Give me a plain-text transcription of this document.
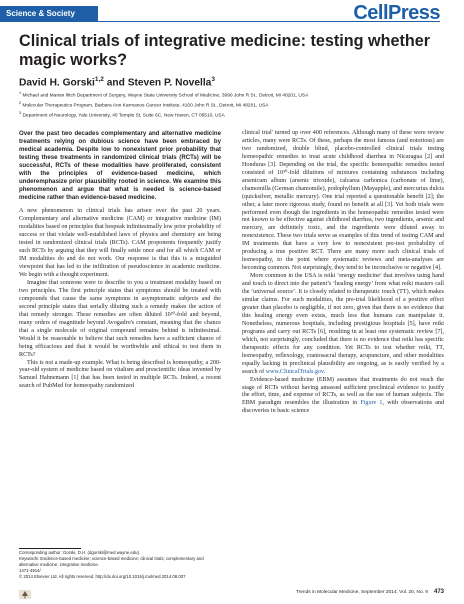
Science & Society	CellPress
Clinical trials of integrative medicine: testing whether magic works?
David H. Gorski$^{1,2}$ and Steven P. Novella$^3$
$^1$ Michael and Marian Ilitch Department of Surgery, Wayne State University School of Medicine, 3990 John R St., Detroit, MI 48201, USA
$^2$ Molecular Therapeutics Program, Barbara Ann Karmanos Cancer Institute, 4100 John R St., Detroit, MI 48201, USA
$^3$ Department of Neurology, Yale University, 40 Temple St, Suite 6C, New Haven, CT 06510, USA

Over the past two decades complementary and alternative medicine treatments relying on dubious science have been embraced by medical academia. Despite low to nonexistent prior probability that testing these treatments in randomized clinical trials (RCTs) will be successful, RCTs of these modalities have proliferated, consistent with the principles of evidence-based medicine, which underemphasize prior plausibility rooted in science. We examine this phenomenon and argue that what is needed is science-based medicine rather than evidence-based medicine.

A new phenomenon in clinical trials has arisen over the past 20 years. Complementary and alternative medicine (CAM) or integrative medicine (IM) modalities based on principles that bespeak infinitesimally low prior probability of success or that violate well-established laws of physics and chemistry are being tested in randomized clinical trials (RCTs). CAM proponents frequently justify such RCTs by arguing that they will finally settle once and for all which CAM or IM modalities do and do not work. Our response is that this is a misguided viewpoint that has led to the infiltration of pseudoscience in academic medicine. We begin with a thought experiment.

Imagine that someone were to describe to you a treatment modality based on two principles. The first principle states that symptoms should be treated with compounds that cause the same symptoms in asymptomatic subjects and the second principle states that serially diluting such a remedy makes the action of that remedy stronger. These remedies are often diluted 10²⁰-fold and beyond, many orders of magnitude beyond Avogadro's constant, meaning that the chance that a single molecule of original compound remains behind is infinitesimal. Would it be reasonable to believe that such remedies have a sufficient chance of being efficacious and that it would be worthwhile and ethical to test them in RCTs?

This is not a made-up example. What is being described is homeopathy, a 200-year-old system of medicine based on vitalism and prescientific ideas invented by Samuel Hahnemann [1] that has been tested in multiple RCTs. Indeed, a recent search of PubMed for homeopathy randomized

clinical trial' turned up over 400 references. Although many of these were review articles, many were RCTs. Of these, perhaps the most famous (and notorious) are two randomized, double blind, placebo-controlled clinical trials testing homeopathic remedies to treat acute childhood diarrhea in Nicaragua [2] and Honduras [3]. Depending on the trial, the specific homeopathic remedies tested consisted of 10³⁰-fold dilutions of mixtures containing substances including arsenicum album (arsenic trioxide), calcarea carbonica (carbonate of lime), chamomilla (German chamomile), podophyllum (Mayapple), and mercurius dulcis (quicksilver, metallic mercury). One trial reported a questionable benefit [2]; the other, a later more rigorous study, found no benefit at all [3]. Yet both trials were performed even though the ingredients in the homeopathic remedies tested were not known to be effective against childhood diarrhea, two ingredients, arsenic and mercury, are definitely toxic, and the ingredients were diluted away to nonexistence. These two trials serve as examples of this trend of testing CAM and IM treatments that have a very low to nonexistent pre-test probability of producing a true positive RCT. There are many more such clinical trials of homeopathy, to the point where systematic reviews and meta-analyses are becoming common. Not surprisingly, they tend to be inconclusive or negative [4].

More common in the USA is reiki ‘energy medicine’ that involves using hand and touch to direct into the patient’s ‘healing energy’ from what reiki masters call the ‘universal source’. It is closely related to therapeutic touch (TT), which makes similar claims. For such modalities, the pre-trial likelihood of a positive effect greater than placebo is negligible, if not zero, given that there is no evidence that this healing energy even exists, much less that humans can manipulate it. Nonetheless, numerous hospitals, including prestigious hospitals [5], have reiki programs and carry out RCTs [6], resulting in at least one systematic review [7], which, not surprisingly, concluded that there is no evidence that reiki has specific therapeutic effects for any condition. Yet RCTs to test whether reiki, TT, homeopathy, reflexology, craniosacral therapy, acupuncture, and other modalities equally lacking in preclinical plausibility are ongoing, as is easily verified by a search of www.ClinicalTrials.gov.

Evidence-based medicine (EBM) assumes that treatments do not reach the stage of RCTs without having amassed sufficient preclinical evidence to justify the effort, time, and expense of RCTs, as well as the use of human subjects. The EBM paradigm resembles the illustration in Figure 1, with observations and discoveries in basic science

Corresponding author: Gorski, D.H. (dgorski@med.wayne.edu).
Keywords: Evidence-based medicine; science-based medicine; clinical trials; complementary and alternative medicine; integrative medicine.
1471-4914/
© 2014 Elsevier Ltd. All rights reserved. http://dx.doi.org/10.1016/j.molmed.2014.08.007
Trends in Molecular Medicine, September 2014, Vol. 20, No. 9 473
